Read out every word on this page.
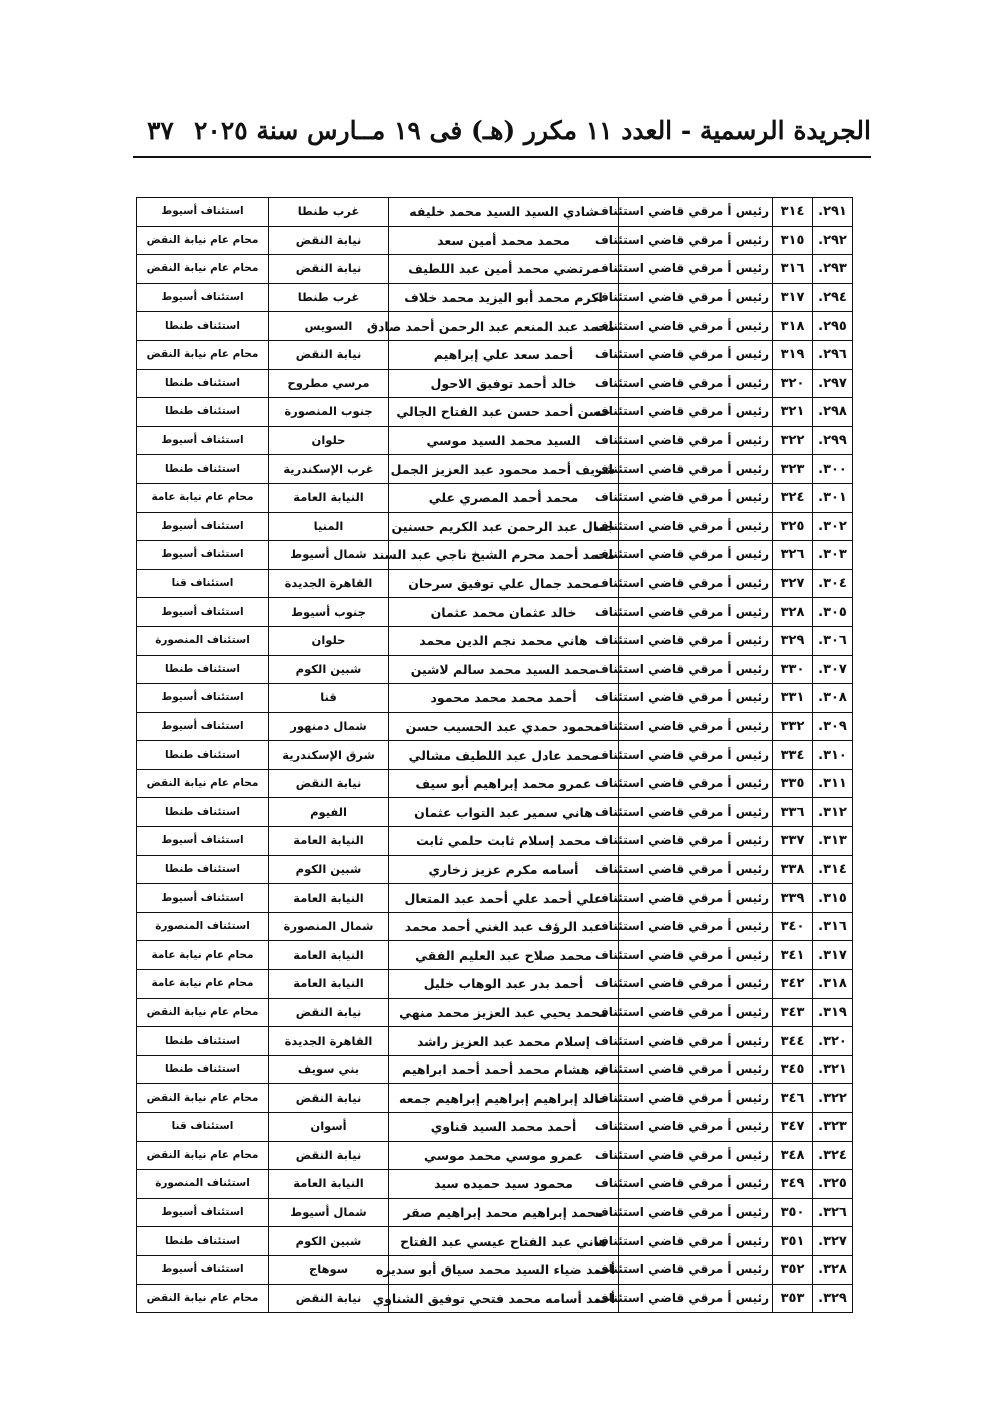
الجريدة الرسمية - العدد ١١ مكرر (هـ) فى ١٩ مــارس سنة ٢٠٢٥
٣٧
٢٩١.	٣١٤	رئيس أ مرقي قاضي استئناف	شادي السيد السيد محمد خليفه	غرب طنطا	استئناف أسيوط
٢٩٢.	٣١٥	رئيس أ مرقي قاضي استئناف	محمد محمد أمين سعد	نيابة النقض	محام عام نيابة النقض
٢٩٣.	٣١٦	رئيس أ مرقي قاضي استئناف	مرتضي محمد أمين عبد اللطيف	نيابة النقض	محام عام نيابة النقض
٢٩٤.	٣١٧	رئيس أ مرقي قاضي استئناف	اكرم محمد أبو اليزيد محمد خلاف	غرب طنطا	استئناف أسيوط
٢٩٥.	٣١٨	رئيس أ مرقي قاضي استئناف	محمد عبد المنعم عبد الرحمن أحمد صادق	السويس	استئناف طنطا
٢٩٦.	٣١٩	رئيس أ مرقي قاضي استئناف	أحمد سعد علي إبراهيم	نيابة النقض	محام عام نيابة النقض
٢٩٧.	٣٢٠	رئيس أ مرقي قاضي استئناف	خالد أحمد توفيق الاحول	مرسي مطروح	استئناف طنطا
٢٩٨.	٣٢١	رئيس أ مرقي قاضي استئناف	حسن أحمد حسن عبد الفتاح الجالي	جنوب المنصورة	استئناف طنطا
٢٩٩.	٣٢٢	رئيس أ مرقي قاضي استئناف	السيد محمد السيد موسي	حلوان	استئناف أسيوط
٣٠٠.	٣٢٣	رئيس أ مرقي قاضي استئناف	شريف أحمد محمود عبد العزيز الجمل	غرب الإسكندرية	استئناف طنطا
٣٠١.	٣٢٤	رئيس أ مرقي قاضي استئناف	محمد أحمد المصري علي	النيابة العامة	محام عام نيابة عامة
٣٠٢.	٣٢٥	رئيس أ مرقي قاضي استئناف	جمال عبد الرحمن عبد الكريم حسنين	المنيا	استئناف أسيوط
٣٠٣.	٣٢٦	رئيس أ مرقي قاضي استئناف	محمد أحمد محرم الشيخ ناجي عبد السند	شمال أسيوط	استئناف أسيوط
٣٠٤.	٣٢٧	رئيس أ مرقي قاضي استئناف	محمد جمال علي توفيق سرحان	القاهرة الجديدة	استئناف قنا
٣٠٥.	٣٢٨	رئيس أ مرقي قاضي استئناف	خالد عثمان محمد عثمان	جنوب أسيوط	استئناف أسيوط
٣٠٦.	٣٢٩	رئيس أ مرقي قاضي استئناف	هاني محمد نجم الدين محمد	حلوان	استئناف المنصورة
٣٠٧.	٣٣٠	رئيس أ مرقي قاضي استئناف	محمد السيد محمد سالم لاشين	شبين الكوم	استئناف طنطا
٣٠٨.	٣٣١	رئيس أ مرقي قاضي استئناف	أحمد محمد محمد محمود	قنا	استئناف أسيوط
٣٠٩.	٣٣٢	رئيس أ مرقي قاضي استئناف	محمود حمدي عبد الحسيب حسن	شمال دمنهور	استئناف أسيوط
٣١٠.	٣٣٤	رئيس أ مرقي قاضي استئناف	محمد عادل عبد اللطيف مشالي	شرق الإسكندرية	استئناف طنطا
٣١١.	٣٣٥	رئيس أ مرقي قاضي استئناف	عمرو محمد إبراهيم أبو سيف	نيابة النقض	محام عام نيابة النقض
٣١٢.	٣٣٦	رئيس أ مرقي قاضي استئناف	هاني سمير عبد التواب عثمان	الفيوم	استئناف طنطا
٣١٣.	٣٣٧	رئيس أ مرقي قاضي استئناف	محمد إسلام ثابت حلمي ثابت	النيابة العامة	استئناف أسيوط
٣١٤.	٣٣٨	رئيس أ مرقي قاضي استئناف	أسامه مكرم عزيز زخاري	شبين الكوم	استئناف طنطا
٣١٥.	٣٣٩	رئيس أ مرقي قاضي استئناف	علي أحمد علي أحمد عبد المتعال	النيابة العامة	استئناف أسيوط
٣١٦.	٣٤٠	رئيس أ مرقي قاضي استئناف	عبد الرؤف عبد الغني أحمد محمد	شمال المنصورة	استئناف المنصورة
٣١٧.	٣٤١	رئيس أ مرقي قاضي استئناف	محمد صلاح عبد العليم الفقي	النيابة العامة	محام عام نيابة عامة
٣١٨.	٣٤٢	رئيس أ مرقي قاضي استئناف	أحمد بدر عبد الوهاب خليل	النيابة العامة	محام عام نيابة عامة
٣١٩.	٣٤٣	رئيس أ مرقي قاضي استئناف	محمد يحيي عبد العزيز محمد منهي	نيابة النقض	محام عام نيابة النقض
٣٢٠.	٣٤٤	رئيس أ مرقي قاضي استئناف	إسلام محمد عبد العزيز راشد	القاهرة الجديدة	استئناف طنطا
٣٢١.	٣٤٥	رئيس أ مرقي قاضي استئناف	د. هشام محمد أحمد أحمد ابراهيم	بني سويف	استئناف طنطا
٣٢٢.	٣٤٦	رئيس أ مرقي قاضي استئناف	خالد إبراهيم إبراهيم إبراهيم جمعه	نيابة النقض	محام عام نيابة النقض
٣٢٣.	٣٤٧	رئيس أ مرقي قاضي استئناف	أحمد محمد السيد قناوي	أسوان	استئناف قنا
٣٢٤.	٣٤٨	رئيس أ مرقي قاضي استئناف	عمرو موسي محمد موسي	نيابة النقض	محام عام نيابة النقض
٣٢٥.	٣٤٩	رئيس أ مرقي قاضي استئناف	محمود سيد حميده سيد	النيابة العامة	استئناف المنصورة
٣٢٦.	٣٥٠	رئيس أ مرقي قاضي استئناف	محمد إبراهيم محمد إبراهيم صقر	شمال أسيوط	استئناف أسيوط
٣٢٧.	٣٥١	رئيس أ مرقي قاضي استئناف	هاني عبد الفتاح عيسي عبد الفتاح	شبين الكوم	استئناف طنطا
٣٢٨.	٣٥٢	رئيس أ مرقي قاضي استئناف	أحمد ضياء السيد محمد سياق أبو سديره	سوهاج	استئناف أسيوط
٣٢٩.	٣٥٣	رئيس أ مرقي قاضي استئناف	أحمد أسامه محمد فتحي توفيق الشناوي	نيابة النقض	محام عام نيابة النقض
